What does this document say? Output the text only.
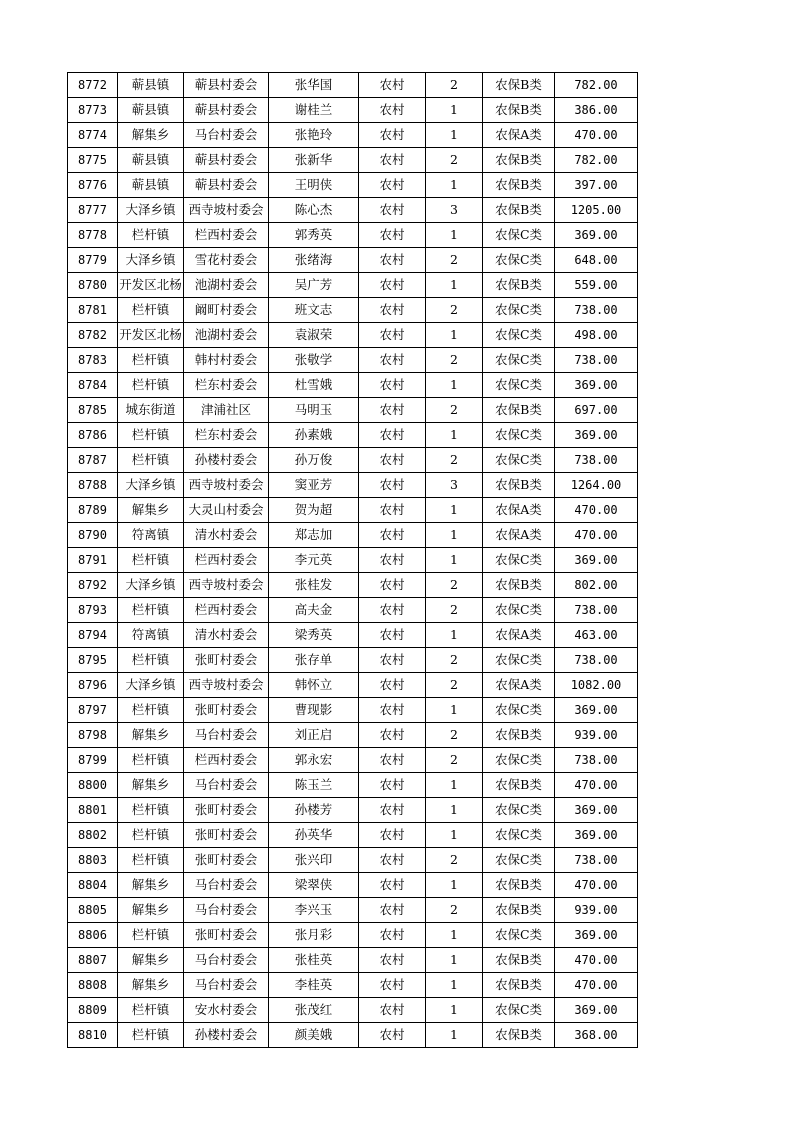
8772	蕲县镇	蕲县村委会	张华国	农村	2	农保B类	782.00
8773	蕲县镇	蕲县村委会	谢桂兰	农村	1	农保B类	386.00
8774	解集乡	马台村委会	张艳玲	农村	1	农保A类	470.00
8775	蕲县镇	蕲县村委会	张新华	农村	2	农保B类	782.00
8776	蕲县镇	蕲县村委会	王明侠	农村	1	农保B类	397.00
8777	大泽乡镇	西寺坡村委会	陈心杰	农村	3	农保B类	1205.00
8778	栏杆镇	栏西村委会	郭秀英	农村	1	农保C类	369.00
8779	大泽乡镇	雪花村委会	张绪海	农村	2	农保C类	648.00
8780	开发区北杨	池湖村委会	吴广芳	农村	1	农保B类	559.00
8781	栏杆镇	阚町村委会	班文志	农村	2	农保C类	738.00
8782	开发区北杨	池湖村委会	袁淑荣	农村	1	农保C类	498.00
8783	栏杆镇	韩村村委会	张敬学	农村	2	农保C类	738.00
8784	栏杆镇	栏东村委会	杜雪娥	农村	1	农保C类	369.00
8785	城东街道	津浦社区	马明玉	农村	2	农保B类	697.00
8786	栏杆镇	栏东村委会	孙素娥	农村	1	农保C类	369.00
8787	栏杆镇	孙楼村委会	孙万俊	农村	2	农保C类	738.00
8788	大泽乡镇	西寺坡村委会	窦亚芳	农村	3	农保B类	1264.00
8789	解集乡	大灵山村委会	贺为超	农村	1	农保A类	470.00
8790	符离镇	清水村委会	郑志加	农村	1	农保A类	470.00
8791	栏杆镇	栏西村委会	李元英	农村	1	农保C类	369.00
8792	大泽乡镇	西寺坡村委会	张桂发	农村	2	农保B类	802.00
8793	栏杆镇	栏西村委会	高夫金	农村	2	农保C类	738.00
8794	符离镇	清水村委会	梁秀英	农村	1	农保A类	463.00
8795	栏杆镇	张町村委会	张存单	农村	2	农保C类	738.00
8796	大泽乡镇	西寺坡村委会	韩怀立	农村	2	农保A类	1082.00
8797	栏杆镇	张町村委会	曹现影	农村	1	农保C类	369.00
8798	解集乡	马台村委会	刘正启	农村	2	农保B类	939.00
8799	栏杆镇	栏西村委会	郭永宏	农村	2	农保C类	738.00
8800	解集乡	马台村委会	陈玉兰	农村	1	农保B类	470.00
8801	栏杆镇	张町村委会	孙楼芳	农村	1	农保C类	369.00
8802	栏杆镇	张町村委会	孙英华	农村	1	农保C类	369.00
8803	栏杆镇	张町村委会	张兴印	农村	2	农保C类	738.00
8804	解集乡	马台村委会	梁翠侠	农村	1	农保B类	470.00
8805	解集乡	马台村委会	李兴玉	农村	2	农保B类	939.00
8806	栏杆镇	张町村委会	张月彩	农村	1	农保C类	369.00
8807	解集乡	马台村委会	张桂英	农村	1	农保B类	470.00
8808	解集乡	马台村委会	李桂英	农村	1	农保B类	470.00
8809	栏杆镇	安水村委会	张茂红	农村	1	农保C类	369.00
8810	栏杆镇	孙楼村委会	颜美娥	农村	1	农保B类	368.00
